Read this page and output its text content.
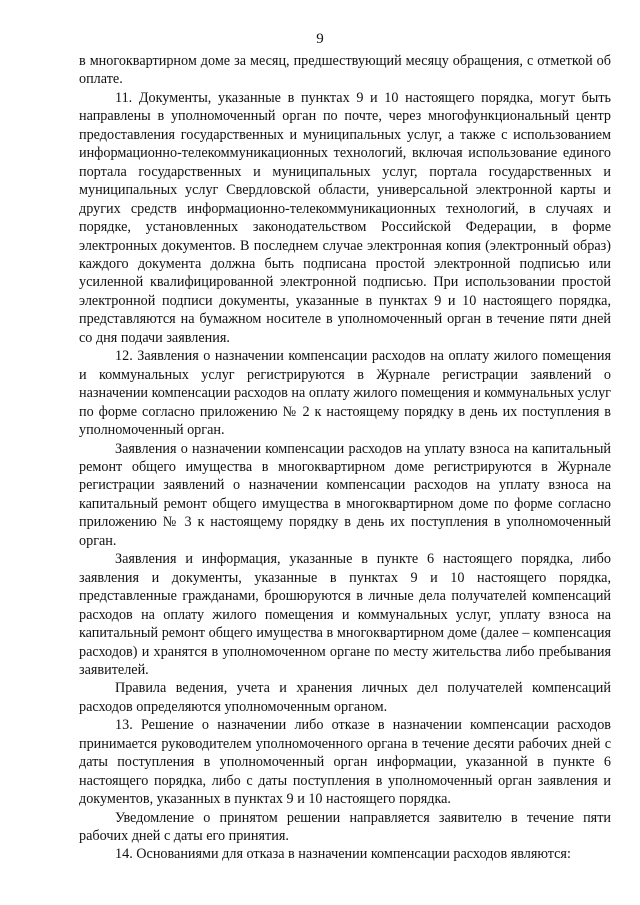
9

в многоквартирном доме за месяц, предшествующий месяцу обращения, с отметкой об оплате.

11. Документы, указанные в пунктах 9 и 10 настоящего порядка, могут быть направлены в уполномоченный орган по почте, через многофункциональный центр предоставления государственных и муниципальных услуг, а также с использованием информационно-телекоммуникационных технологий, включая использование единого портала государственных и муниципальных услуг, портала государственных и муниципальных услуг Свердловской области, универсальной электронной карты и других средств информационно-телекоммуникационных технологий, в случаях и порядке, установленных законодательством Российской Федерации, в форме электронных документов. В последнем случае электронная копия (электронный образ) каждого документа должна быть подписана простой электронной подписью или усиленной квалифицированной электронной подписью. При использовании простой электронной подписи документы, указанные в пунктах 9 и 10 настоящего порядка, представляются на бумажном носителе в уполномоченный орган в течение пяти дней со дня подачи заявления.

12. Заявления о назначении компенсации расходов на оплату жилого помещения и коммунальных услуг регистрируются в Журнале регистрации заявлений о назначении компенсации расходов на оплату жилого помещения и коммунальных услуг по форме согласно приложению № 2 к настоящему порядку в день их поступления в уполномоченный орган.

Заявления о назначении компенсации расходов на уплату взноса на капитальный ремонт общего имущества в многоквартирном доме регистрируются в Журнале регистрации заявлений о назначении компенсации расходов на уплату взноса на капитальный ремонт общего имущества в многоквартирном доме по форме согласно приложению № 3 к настоящему порядку в день их поступления в уполномоченный орган.

Заявления и информация, указанные в пункте 6 настоящего порядка, либо заявления и документы, указанные в пунктах 9 и 10 настоящего порядка, представленные гражданами, брошюруются в личные дела получателей компенсаций расходов на оплату жилого помещения и коммунальных услуг, уплату взноса на капитальный ремонт общего имущества в многоквартирном доме (далее – компенсация расходов) и хранятся в уполномоченном органе по месту жительства либо пребывания заявителей.

Правила ведения, учета и хранения личных дел получателей компенсаций расходов определяются уполномоченным органом.

13. Решение о назначении либо отказе в назначении компенсации расходов принимается руководителем уполномоченного органа в течение десяти рабочих дней с даты поступления в уполномоченный орган информации, указанной в пункте 6 настоящего порядка, либо с даты поступления в уполномоченный орган заявления и документов, указанных в пунктах 9 и 10 настоящего порядка.

Уведомление о принятом решении направляется заявителю в течение пяти рабочих дней с даты его принятия.

14. Основаниями для отказа в назначении компенсации расходов являются:
